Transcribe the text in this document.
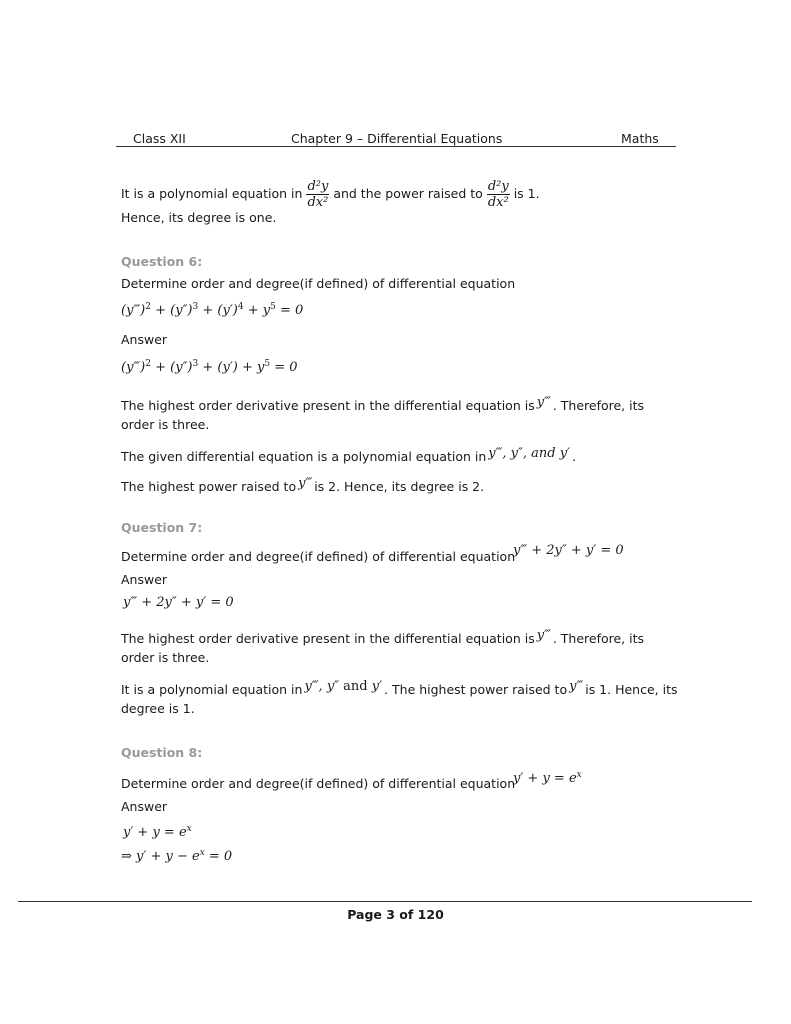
Class XII	Chapter 9 – Differential Equations	Maths
It is a polynomial equation in $\frac{\text{d²y}}{\text{dx²}}$ and the power raised to $\frac{\text{d²y}}{\text{dx²}}$ is 1.
Hence, its degree is one.
Question 6:
Determine order and degree(if defined) of differential equation
(y‴)$^2$ + $(y'')^3 + (y')^4 + y^5 = 0$
Answer
(y‴)$^2$ + $(y'')^3 + (y') + y^5 = 0$
The highest order derivative present in the differential equation is y‴ . Therefore, its
order is three.
The given differential equation is a polynomial equation in y‴, y″, and y′ .
The highest power raised to y‴ is 2. Hence, its degree is 2.
Question 7:
Determine order and degree(if defined) of differential equation
y‴ + 2y″ + y′ = 0
Answer
y‴ + 2y″ + y′ = 0
The highest order derivative present in the differential equation is y‴ . Therefore, its
order is three.
It is a polynomial equation in y‴, y″ and y′ . The highest power raised to y‴ is 1. Hence, its
degree is 1.
Question 8:
Determine order and degree(if defined) of differential equation
$y' + y = e^x$
Answer
$y' + y = e^x$
⇒ $y' + y - e^x = 0$
Page 3 of 120
